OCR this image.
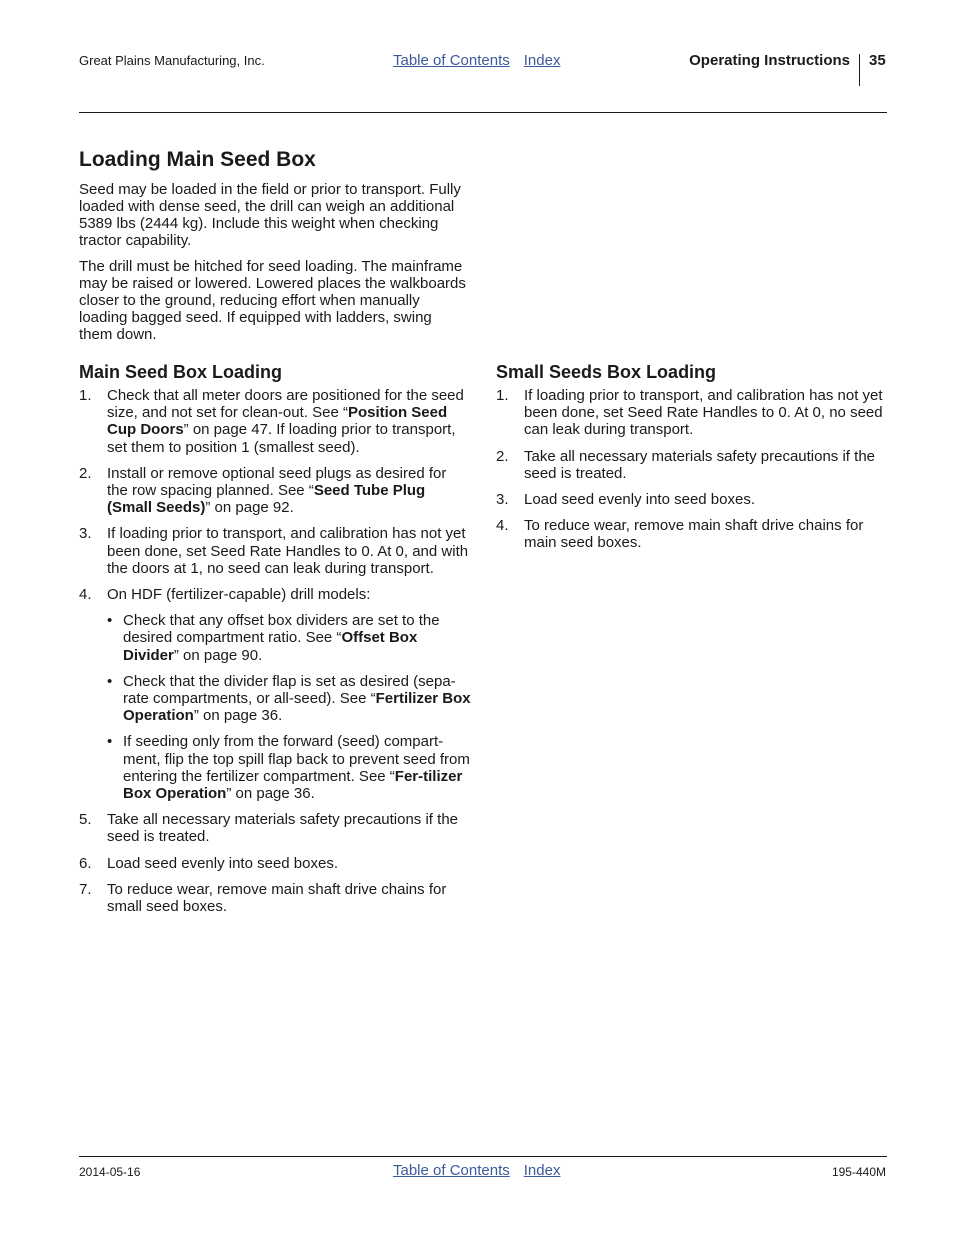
Great Plains Manufacturing, Inc.	Table of Contents Index	Operating Instructions 35
Loading Main Seed Box

Seed may be loaded in the field or prior to transport. Fully loaded with dense seed, the drill can weigh an additional 5389 lbs (2444 kg). Include this weight when checking tractor capability.

The drill must be hitched for seed loading. The mainframe may be raised or lowered. Lowered places the walkboards closer to the ground, reducing effort when manually loading bagged seed. If equipped with ladders, swing them down.

Main Seed Box Loading
1. Check that all meter doors are positioned for the seed size, and not set for clean-out. See “Position Seed Cup Doors” on page 47. If loading prior to transport, set them to position 1 (smallest seed).
2. Install or remove optional seed plugs as desired for the row spacing planned. See “Seed Tube Plug (Small Seeds)” on page 92.
3. If loading prior to transport, and calibration has not yet been done, set Seed Rate Handles to 0. At 0, and with the doors at 1, no seed can leak during transport.
4. On HDF (fertilizer-capable) drill models:
• Check that any offset box dividers are set to the desired compartment ratio. See “Offset Box Divider” on page 90.
• Check that the divider flap is set as desired (sepa-rate compartments, or all-seed). See “Fertilizer Box Operation” on page 36.
• If seeding only from the forward (seed) compart-ment, flip the top spill flap back to prevent seed from entering the fertilizer compartment. See “Fer-tilizer Box Operation” on page 36.
5. Take all necessary materials safety precautions if the seed is treated.
6. Load seed evenly into seed boxes.
7. To reduce wear, remove main shaft drive chains for small seed boxes.
Small Seeds Box Loading
1. If loading prior to transport, and calibration has not yet been done, set Seed Rate Handles to 0. At 0, no seed can leak during transport.
2. Take all necessary materials safety precautions if the seed is treated.
3. Load seed evenly into seed boxes.
4. To reduce wear, remove main shaft drive chains for main seed boxes.
2014-05-16	Table of Contents Index	195-440M
